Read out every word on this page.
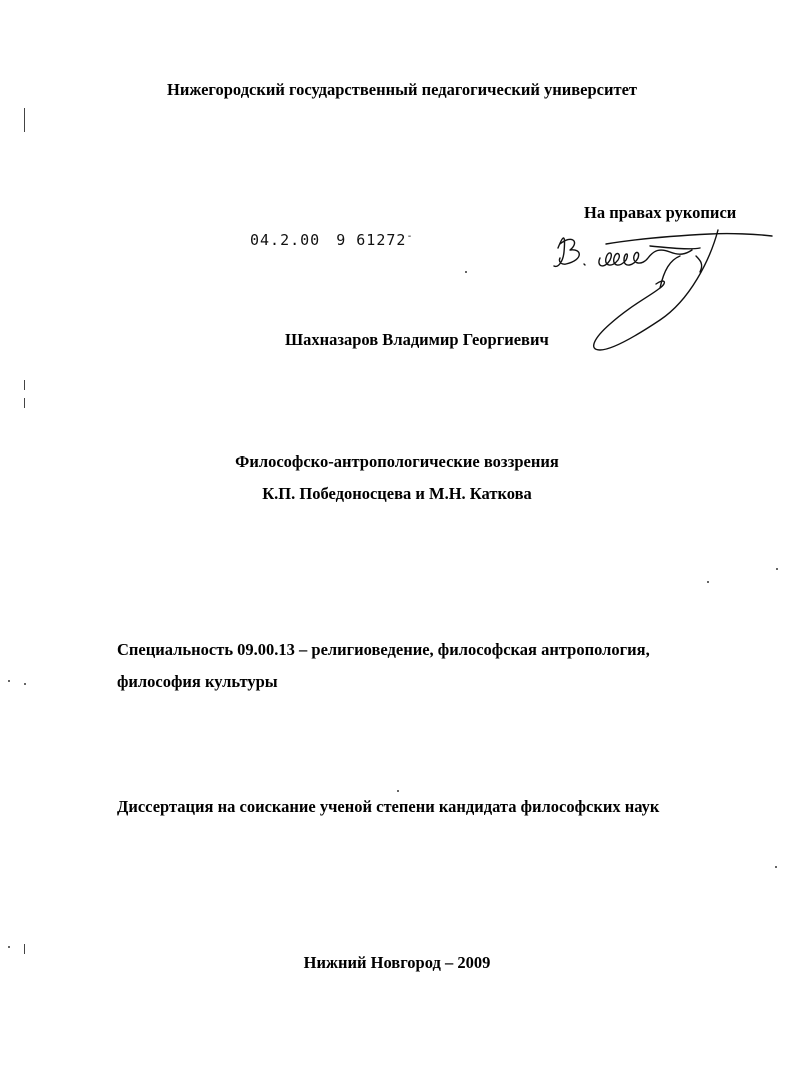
Нижегородский государственный педагогический университет
На правах рукописи
04.2.00 9 61272-
Шахназаров Владимир Георгиевич
Философско-антропологические воззрения
К.П. Победоносцева и М.Н. Каткова
Специальность 09.00.13 – религиоведение, философская антропология,
философия культуры
Диссертация на соискание ученой степени кандидата философских наук
Нижний Новгород – 2009
